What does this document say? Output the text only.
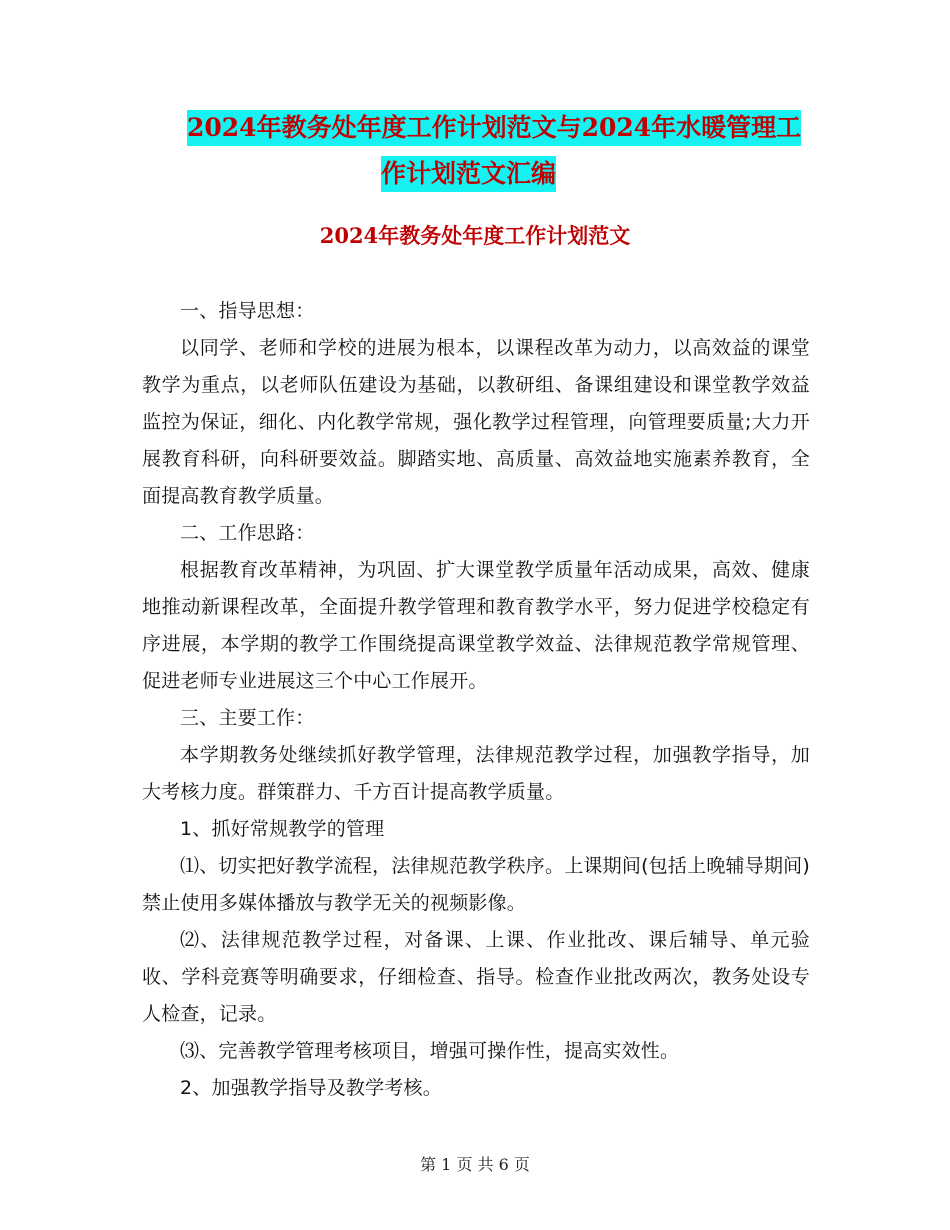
2024年教务处年度工作计划范文与2024年水暖管理工
作计划范文汇编
2024年教务处年度工作计划范文

一、指导思想：

以同学、老师和学校的进展为根本，以课程改革为动力，以高效益的课堂教学为重点，以老师队伍建设为基础，以教研组、备课组建设和课堂教学效益监控为保证，细化、内化教学常规，强化教学过程管理，向管理要质量;大力开展教育科研，向科研要效益。脚踏实地、高质量、高效益地实施素养教育，全面提高教育教学质量。

二、工作思路：

根据教育改革精神，为巩固、扩大课堂教学质量年活动成果，高效、健康地推动新课程改革，全面提升教学管理和教育教学水平，努力促进学校稳定有序进展，本学期的教学工作围绕提高课堂教学效益、法律规范教学常规管理、促进老师专业进展这三个中心工作展开。

三、主要工作：

本学期教务处继续抓好教学管理，法律规范教学过程，加强教学指导，加大考核力度。群策群力、千方百计提高教学质量。

1、抓好常规教学的管理

⑴、切实把好教学流程，法律规范教学秩序。上课期间(包括上晚辅导期间)禁止使用多媒体播放与教学无关的视频影像。

⑵、法律规范教学过程，对备课、上课、作业批改、课后辅导、单元验收、学科竞赛等明确要求，仔细检查、指导。检查作业批改两次，教务处设专人检查，记录。

⑶、完善教学管理考核项目，增强可操作性，提高实效性。

2、加强教学指导及教学考核。

第 1 页 共 6 页
